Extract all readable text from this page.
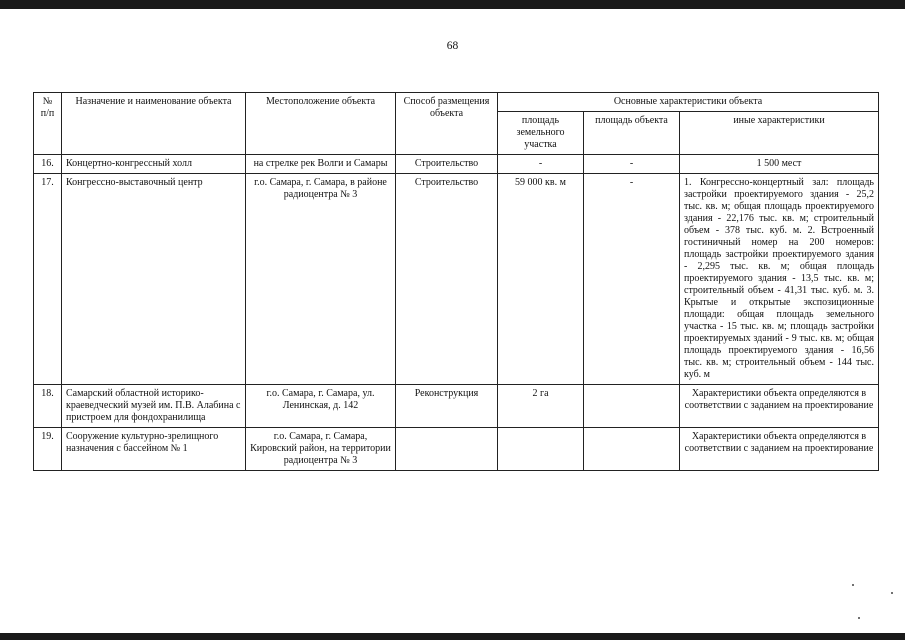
68
№ п/п	Назначение и наименование объекта	Местоположение объекта	Способ размещения объекта	Основные характеристики объекта		
				площадь земельного участка	площадь объекта	иные характеристики
16.	Концертно-конгрессный холл	на стрелке рек Волги и Самары	Строительство	-	-	1 500 мест
17.	Конгрессно-выставочный центр	г.о. Самара, г. Самара, в районе радиоцентра № 3	Строительство	59 000 кв. м	-	1. Конгрессно-концертный зал: площадь застройки проектируемого здания - 25,2 тыс. кв. м; общая площадь проектируемого здания - 22,176 тыс. кв. м; строительный объем - 378 тыс. куб. м. 2. Встроенный гостиничный номер на 200 номеров: площадь застройки проектируемого здания - 2,295 тыс. кв. м; общая площадь проектируемого здания - 13,5 тыс. кв. м; строительный объем - 41,31 тыс. куб. м. 3. Крытые и открытые экспозиционные площади: общая площадь земельного участка - 15 тыс. кв. м; площадь застройки проектируемых зданий - 9 тыс. кв. м; общая площадь проектируемого здания - 16,56 тыс. кв. м; строительный объем - 144 тыс. куб. м
18.	Самарский областной историко-краеведческий музей им. П.В. Алабина с пристроем для фондохранилища	г.о. Самара, г. Самара, ул. Ленинская, д. 142	Реконструкция	2 га		Характеристики объекта определяются в соответствии с заданием на проектирование
19.	Сооружение культурно-зрелищного назначения с бассейном № 1	г.о. Самара, г. Самара, Кировский район, на территории радиоцентра № 3				Характеристики объекта определяются в соответствии с заданием на проектирование
